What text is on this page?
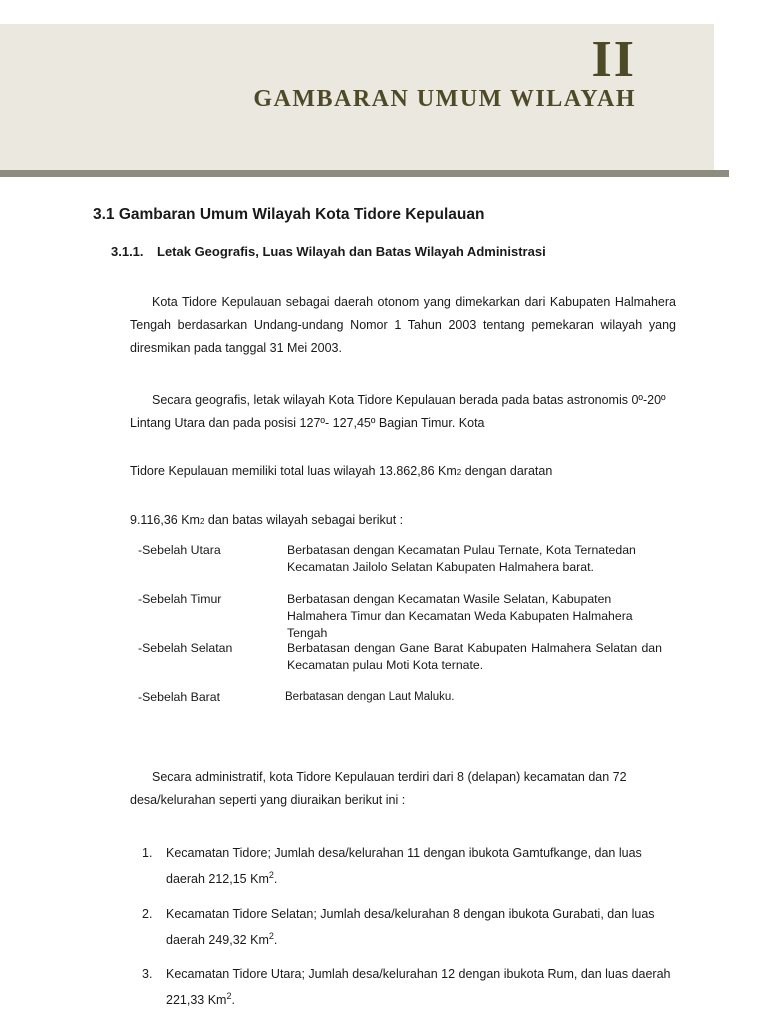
II
GAMBARAN UMUM WILAYAH
3.1 Gambaran Umum Wilayah Kota Tidore Kepulauan
3.1.1. Letak Geografis, Luas Wilayah dan Batas Wilayah Administrasi

Kota Tidore Kepulauan sebagai daerah otonom yang dimekarkan dari Kabupaten Halmahera Tengah berdasarkan Undang-undang Nomor 1 Tahun 2003 tentang pemekaran wilayah yang diresmikan pada tanggal 31 Mei 2003.

Secara geografis, letak wilayah Kota Tidore Kepulauan berada pada batas astronomis 0º-20º Lintang Utara dan pada posisi 127º- 127,45º Bagian Timur. Kota

Tidore Kepulauan memiliki total luas wilayah 13.862,86 Km2 dengan daratan

9.116,36 Km2 dan batas wilayah sebagai berikut :

-Sebelah Utara	Berbatasan dengan Kecamatan Pulau Ternate, Kota Ternatedan Kecamatan Jailolo Selatan Kabupaten Halmahera barat.
-Sebelah Timur	Berbatasan dengan Kecamatan Wasile Selatan, Kabupaten Halmahera Timur dan Kecamatan Weda Kabupaten Halmahera Tengah
-Sebelah Selatan	Berbatasan dengan Gane Barat Kabupaten Halmahera Selatan dan Kecamatan pulau Moti Kota ternate.
-Sebelah Barat	Berbatasan dengan Laut Maluku.

Secara administratif, kota Tidore Kepulauan terdiri dari 8 (delapan) kecamatan dan 72 desa/kelurahan seperti yang diuraikan berikut ini :

1. Kecamatan Tidore; Jumlah desa/kelurahan 11 dengan ibukota Gamtufkange, dan luas daerah 212,15 Km$^2$.
2. Kecamatan Tidore Selatan; Jumlah desa/kelurahan 8 dengan ibukota Gurabati, dan luas daerah 249,32 Km$^2$.
3. Kecamatan Tidore Utara; Jumlah desa/kelurahan 12 dengan ibukota Rum, dan luas daerah 221,33 Km$^2$.
